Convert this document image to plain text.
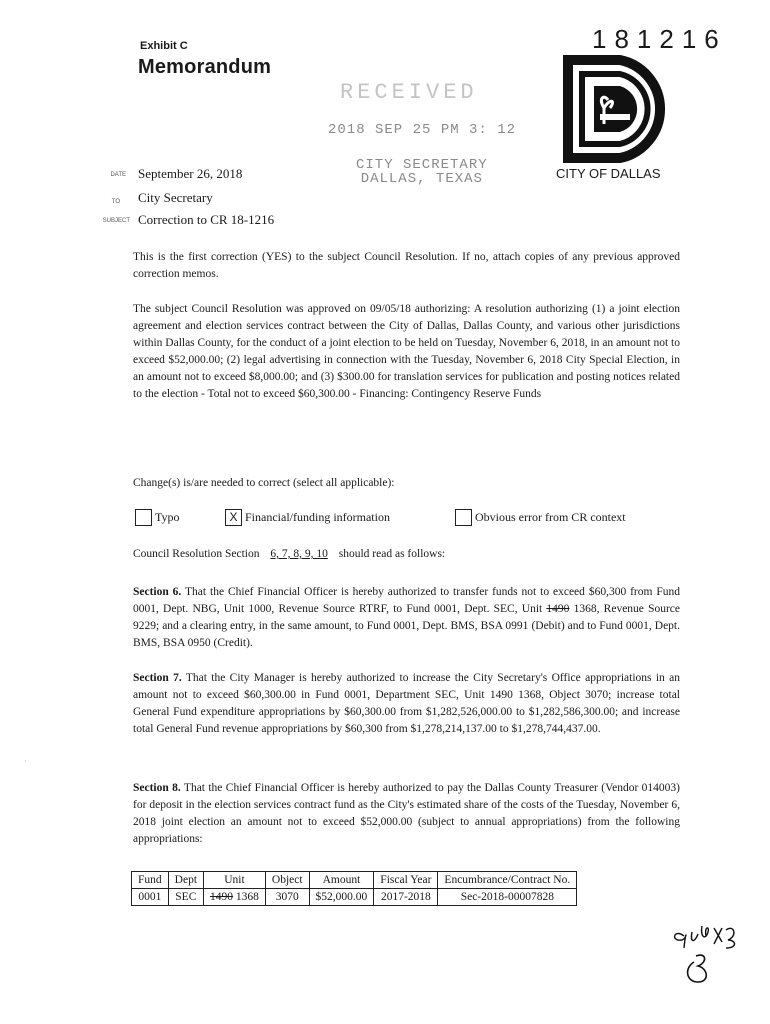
Exhibit C
Memorandum
181216
CITY OF DALLAS
RECEIVED
2018 SEP 25 PM 3: 12
CITY SECRETARY
DALLAS, TEXAS
DATE September 26, 2018
TO City Secretary
SUBJECT Correction to CR 18-1216

This is the first correction (YES) to the subject Council Resolution. If no, attach copies of any previous approved correction memos.

The subject Council Resolution was approved on 09/05/18 authorizing: A resolution authorizing (1) a joint election agreement and election services contract between the City of Dallas, Dallas County, and various other jurisdictions within Dallas County, for the conduct of a joint election to be held on Tuesday, November 6, 2018, in an amount not to exceed $52,000.00; (2) legal advertising in connection with the Tuesday, November 6, 2018 City Special Election, in an amount not to exceed $8,000.00; and (3) $300.00 for translation services for publication and posting notices related to the election - Total not to exceed $60,300.00 - Financing: Contingency Reserve Funds

Change(s) is/are needed to correct (select all applicable):

Typo	X Financial/funding information	Obvious error from CR context
Council Resolution Section 6, 7, 8, 9, 10 should read as follows:

Section 6. That the Chief Financial Officer is hereby authorized to transfer funds not to exceed $60,300 from Fund 0001, Dept. NBG, Unit 1000, Revenue Source RTRF, to Fund 0001, Dept. SEC, Unit 1490 1368, Revenue Source 9229; and a clearing entry, in the same amount, to Fund 0001, Dept. BMS, BSA 0991 (Debit) and to Fund 0001, Dept. BMS, BSA 0950 (Credit).

Section 7. That the City Manager is hereby authorized to increase the City Secretary's Office appropriations in an amount not to exceed $60,300.00 in Fund 0001, Department SEC, Unit 1490 1368, Object 3070; increase total General Fund expenditure appropriations by $60,300.00 from $1,282,526,000.00 to $1,282,586,300.00; and increase total General Fund revenue appropriations by $60,300 from $1,278,214,137.00 to $1,278,744,437.00.

Section 8. That the Chief Financial Officer is hereby authorized to pay the Dallas County Treasurer (Vendor 014003) for deposit in the election services contract fund as the City's estimated share of the costs of the Tuesday, November 6, 2018 joint election an amount not to exceed $52,000.00 (subject to annual appropriations) from the following appropriations:

Fund	Dept	Unit	Object	Amount	Fiscal Year	Encumbrance/Contract No.
0001	SEC	1490 1368	3070	$52,000.00	2017-2018	Sec-2018-00007828
·
